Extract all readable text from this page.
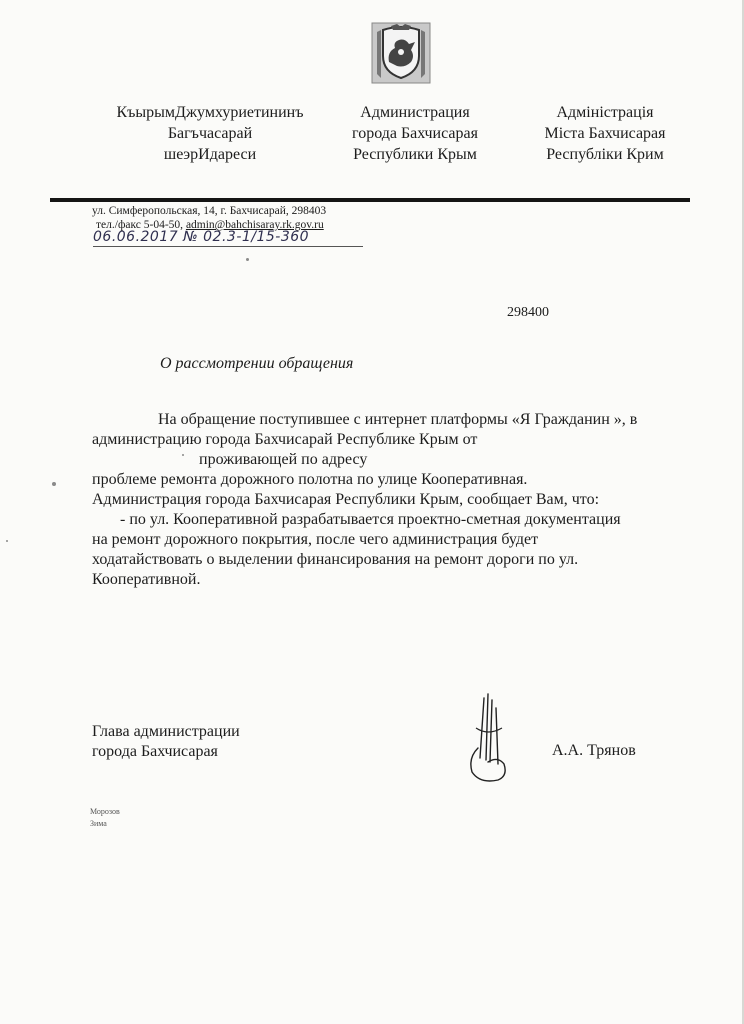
КъырымДжумхуриетининъ
Багъчасарай
шеэрИдареси
Администрация
города Бахчисарая
Республики Крым
Адміністрація
Міста Бахчисарая
Республіки Крим
ул. Симферопольская, 14, г. Бахчисарай, 298403
тел./факс 5-04-50, admin@bahchisaray.rk.gov.ru
06.06.2017 № 02.3-1/15-360
298400
О рассмотрении обращения
На обращение поступившее с интернет платформы «Я Гражданин », в
администрацию города Бахчисарай Республике Крым от
проживающей по адресу
проблеме ремонта дорожного полотна по улице Кооперативная.
Администрация города Бахчисарая Республики Крым, сообщает Вам, что:
- по ул. Кооперативной разрабатывается проектно-сметная документация
на ремонт дорожного покрытия, после чего администрация будет
ходатайствовать о выделении финансирования на ремонт дороги по ул.
Кооперативной.
Глава администрации
города Бахчисарая	А.А. Трянов
Морозов
Зима
